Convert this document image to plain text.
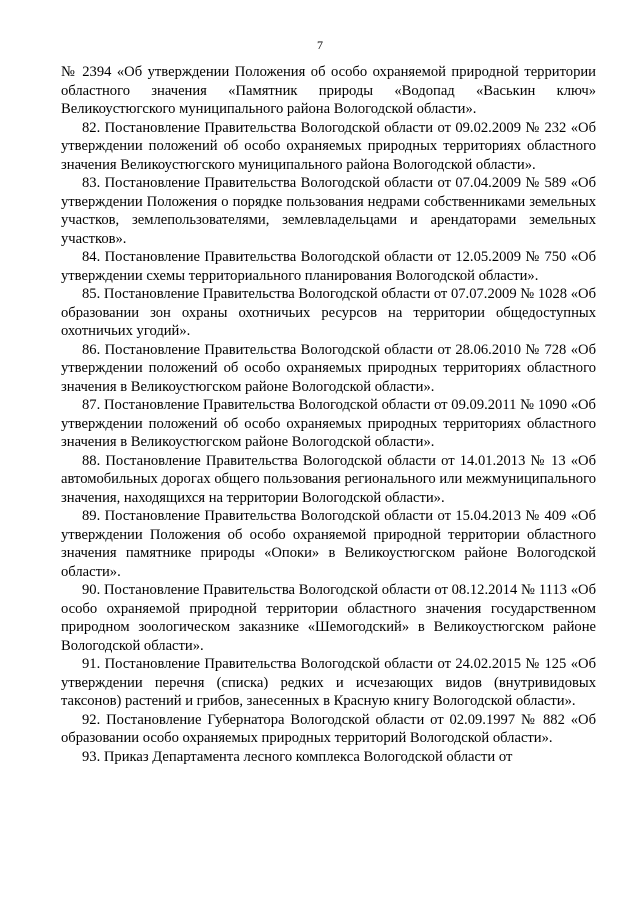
7

№ 2394 «Об утверждении Положения об особо охраняемой природной территории областного значения «Памятник природы «Водопад «Васькин ключ» Великоустюгского муниципального района Вологодской области».

82. Постановление Правительства Вологодской области от 09.02.2009 № 232 «Об утверждении положений об особо охраняемых природных территориях областного значения Великоустюгского муниципального района Вологодской области».

83. Постановление Правительства Вологодской области от 07.04.2009 № 589 «Об утверждении Положения о порядке пользования недрами собственниками земельных участков, землепользователями, землевладельцами и арендаторами земельных участков».

84. Постановление Правительства Вологодской области от 12.05.2009 № 750 «Об утверждении схемы территориального планирования Вологодской области».

85. Постановление Правительства Вологодской области от 07.07.2009 № 1028 «Об образовании зон охраны охотничьих ресурсов на территории общедоступных охотничьих угодий».

86. Постановление Правительства Вологодской области от 28.06.2010 № 728 «Об утверждении положений об особо охраняемых природных территориях областного значения в Великоустюгском районе Вологодской области».

87. Постановление Правительства Вологодской области от 09.09.2011 № 1090 «Об утверждении положений об особо охраняемых природных территориях областного значения в Великоустюгском районе Вологодской области».

88. Постановление Правительства Вологодской области от 14.01.2013 № 13 «Об автомобильных дорогах общего пользования регионального или межмуниципального значения, находящихся на территории Вологодской области».

89. Постановление Правительства Вологодской области от 15.04.2013 № 409 «Об утверждении Положения об особо охраняемой природной территории областного значения памятнике природы «Опоки» в Великоустюгском районе Вологодской области».

90. Постановление Правительства Вологодской области от 08.12.2014 № 1113 «Об особо охраняемой природной территории областного значения государственном природном зоологическом заказнике «Шемогодский» в Великоустюгском районе Вологодской области».

91. Постановление Правительства Вологодской области от 24.02.2015 № 125 «Об утверждении перечня (списка) редких и исчезающих видов (внутривидовых таксонов) растений и грибов, занесенных в Красную книгу Вологодской области».

92. Постановление Губернатора Вологодской области от 02.09.1997 № 882 «Об образовании особо охраняемых природных территорий Вологодской области».

93. Приказ Департамента лесного комплекса Вологодской области от
